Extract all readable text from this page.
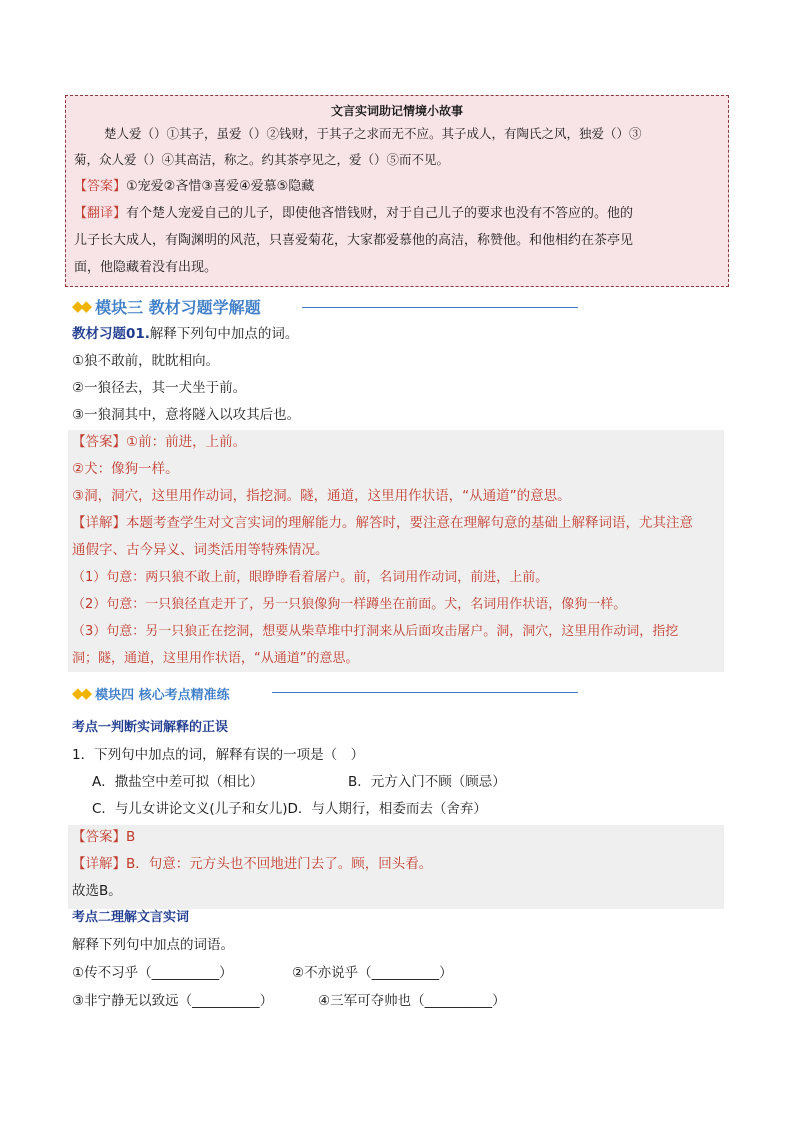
文言实词助记情境小故事
楚人爱（）①其子，虽爱（）②钱财，于其子之求而无不应。其子成人，有陶氏之风，独爱（）③
菊，众人爱（）④其高洁，称之。约其茶亭见之，爱（）⑤而不见。
【答案】①宠爱②吝惜③喜爱④爱慕⑤隐藏
【翻译】有个楚人宠爱自己的儿子，即使他吝惜钱财，对于自己儿子的要求也没有不答应的。他的
儿子长大成人，有陶渊明的风范，只喜爱菊花，大家都爱慕他的高洁，称赞他。和他相约在茶亭见
面，他隐藏着没有出现。
◆◆ 模块三 教材习题学解题
教材习题01.解释下列句中加点的词。
①狼不敢前，眈眈相向。
②一狼径去，其一犬坐于前。
③一狼洞其中，意将隧入以攻其后也。
【答案】①前：前进，上前。
②犬：像狗一样。
③洞，洞穴，这里用作动词，指挖洞。隧，通道，这里用作状语，“从通道”的意思。
【详解】本题考查学生对文言实词的理解能力。解答时，要注意在理解句意的基础上解释词语，尤其注意
通假字、古今异义、词类活用等特殊情况。
（1）句意：两只狼不敢上前，眼睁睁看着屠户。前，名词用作动词，前进，上前。
（2）句意：一只狼径直走开了，另一只狼像狗一样蹲坐在前面。犬，名词用作状语，像狗一样。
（3）句意：另一只狼正在挖洞，想要从柴草堆中打洞来从后面攻击屠户。洞，洞穴，这里用作动词，指挖
洞；隧，通道，这里用作状语，“从通道”的意思。
◆◆ 模块四 核心考点精准练
考点一判断实词解释的正误
1．下列句中加点的词，解释有误的一项是（　）
A．撒盐空中差可拟（相比）	B．元方入门不顾（顾忌）
C．与儿女讲论文义(儿子和女儿)D．与人期行，相委而去（舍弃）
【答案】B
【详解】B．句意：元方头也不回地进门去了。顾，回头看。
故选B。
考点二理解文言实词
解释下列句中加点的词语。
①传不习乎（__________）	②不亦说乎（__________）
③非宁静无以致远（__________）	④三军可夺帅也（__________）
